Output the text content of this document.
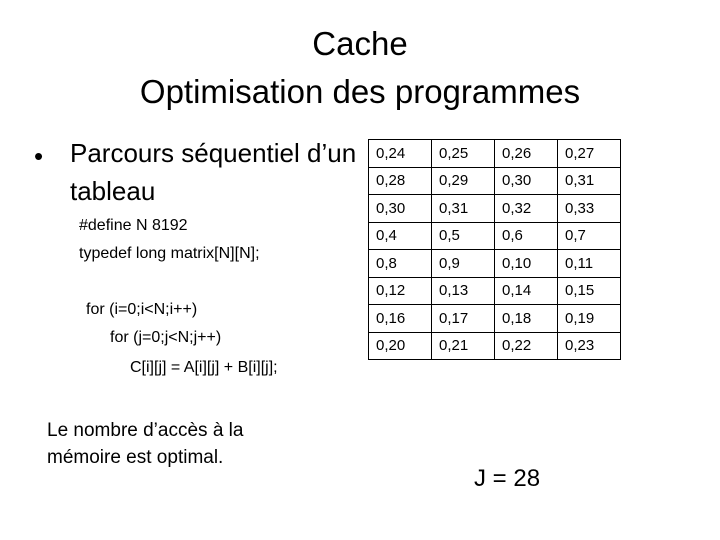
Cache
Optimisation des programmes
• Parcours séquentiel d’un tableau
#define N 8192
typedef long matrix[N][N];
for (i=0;i<N;i++)
for (j=0;j<N;j++)
C[i][j] = A[i][j] + B[i][j];
Le nombre d’accès à la mémoire est optimal.
0,24	0,25	0,26	0,27
0,28	0,29	0,30	0,31
0,30	0,31	0,32	0,33
0,4	0,5	0,6	0,7
0,8	0,9	0,10	0,11
0,12	0,13	0,14	0,15
0,16	0,17	0,18	0,19
0,20	0,21	0,22	0,23
J = 28
